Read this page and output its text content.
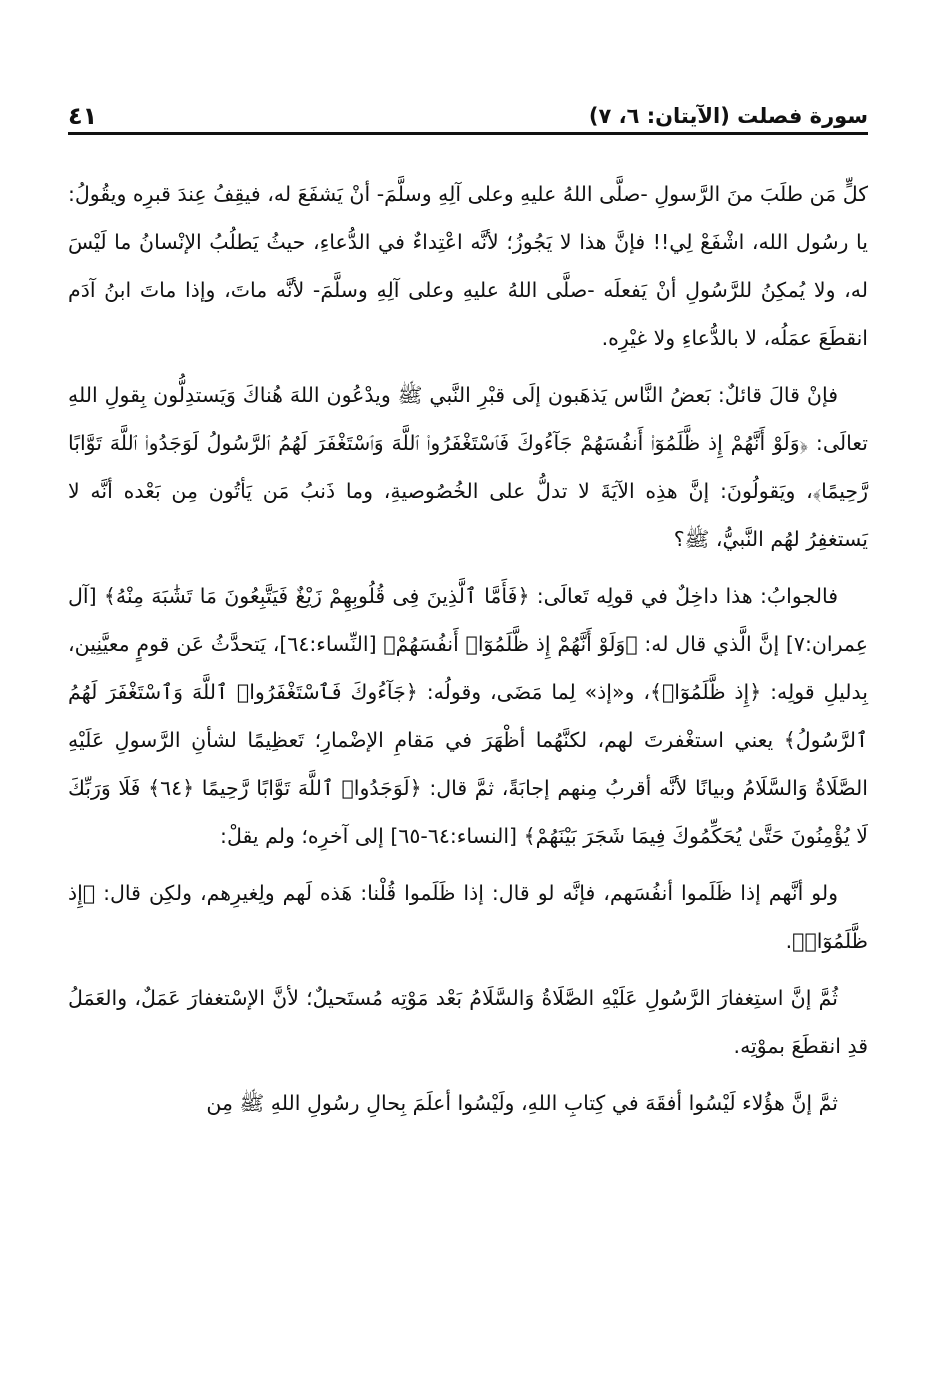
سورة فصلت (الآيتان: ٦، ٧)
٤١

كلٍّ مَن طلَبَ منَ الرَّسولِ -صلَّى اللهُ عليهِ وعلى آلِهِ وسلَّمَ- أنْ يَشفَعَ له، فيقِفُ عِندَ قبرِه ويقُولُ: يا رسُول الله، اشْفَعْ لِي!! فإنَّ هذا لا يَجُوزُ؛ لأنَّه اعْتِداءٌ في الدُّعاءِ، حيثُ يَطلُبُ الإنْسانُ ما لَيْسَ له، ولا يُمكِنُ للرَّسُولِ أنْ يَفعلَه -صلَّى اللهُ عليهِ وعلى آلِهِ وسلَّمَ- لأنَّه ماتَ، وإذا ماتَ ابنُ آدَم انقطَعَ عمَلُه، لا بالدُّعاءِ ولا غيْرِه.

فإنْ قالَ قائلٌ: بَعضُ النَّاس يَذهَبون إلَى قبْرِ النَّبي ﷺ ويدْعُون اللهَ هُناكَ وَيَستدِلُّون بِقولِ اللهِ تعالَى: ﴿وَلَوْ أَنَّهُمْ إِذ ظَّلَمُوٓا۟ أَنفُسَهُمْ جَآءُوكَ فَٱسْتَغْفَرُوا۟ ٱللَّهَ وَٱسْتَغْفَرَ لَهُمُ ٱلرَّسُولُ لَوَجَدُوا۟ ٱللَّهَ تَوَّابًا رَّحِيمًا﴾، ويَقولُونَ: إنَّ هذِه الآيَةَ لا تدلُّ على الخُصُوصيةِ، وما ذَنبُ مَن يَأتُون مِن بَعْده أنَّه لا يَستغفِرُ لهُم النَّبيُّ، ﷺ؟

فالجوابُ: هذا داخِلٌ في قولِه تَعالَى: ﴿فَأَمَّا ٱلَّذِينَ فِى قُلُوبِهِمْ زَيْغٌ فَيَتَّبِعُونَ مَا تَشَٰبَهَ مِنْهُ﴾ [آل عِمران:٧] إنَّ الَّذي قال له: ﴿وَلَوْ أَنَّهُمْ إِذ ظَّلَمُوٓا۟ أَنفُسَهُمْ﴾ [النِّساء:٦٤]، يَتحدَّثُ عَن قومٍ معيَّنِين، بِدليلِ قولِه: ﴿إِذ ظَّلَمُوٓا۟﴾، و«إذ» لِما مَضَى، وقولُه: ﴿جَآءُوكَ فَٱسْتَغْفَرُوا۟ ٱللَّهَ وَٱسْتَغْفَرَ لَهُمُ ٱلرَّسُولُ﴾ يعني استغْفرتَ لهم، لكنَّهُما أظْهَرَ في مَقامِ الإضْمارِ؛ تَعظِيمًا لشأنِ الرَّسولِ عَلَيْهِ الصَّلَاةُ وَالسَّلَامُ وبيانًا لأنَّه أقربُ مِنهم إجابَةً، ثمَّ قال: ﴿لَوَجَدُوا۟ ٱللَّهَ تَوَّابًا رَّحِيمًا ﴿٦٤﴾ فَلَا وَرَبِّكَ لَا يُؤْمِنُونَ حَتَّىٰ يُحَكِّمُوكَ فِيمَا شَجَرَ بَيْنَهُمْ﴾ [النساء:٦٤-٦٥] إلى آخرِه؛ ولم يقلْ:

ولو أنَّهم إذا ظَلَموا أنفُسَهم، فإنَّه لو قال: إذا ظَلَموا قُلْنا: هَذه لَهم ولِغيرِهم، ولكِن قال: ﴿إِذ ظَّلَمُوٓا۟﴾.

ثُمَّ إنَّ استِغفارَ الرَّسُولِ عَلَيْهِ الصَّلَاةُ وَالسَّلَامُ بَعْد مَوْتِه مُستَحيلٌ؛ لأنَّ الإسْتغفارَ عَمَلٌ، والعَمَلُ قدِ انقطَعَ بموْتِه.

ثمَّ إنَّ هؤُلاء لَيْسُوا أفقَهَ في كِتابِ اللهِ، ولَيْسُوا أعلَمَ بِحالِ رسُولِ اللهِ ﷺ مِن
